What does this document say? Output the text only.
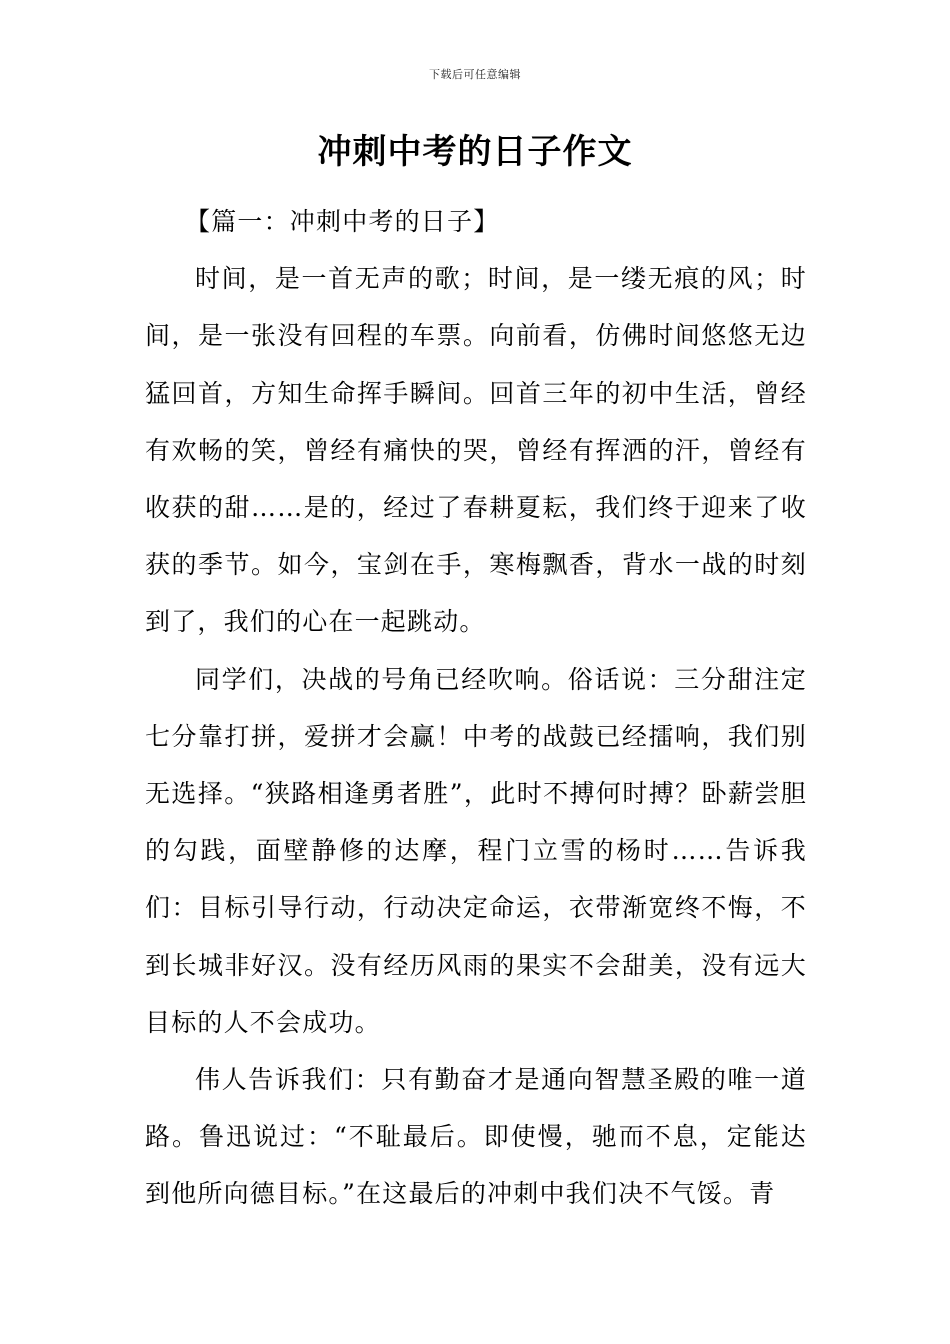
下载后可任意编辑
冲刺中考的日子作文

【篇一：冲刺中考的日子】

时间，是一首无声的歌；时间，是一缕无痕的风；时间，是一张没有回程的车票。向前看，仿佛时间悠悠无边猛回首，方知生命挥手瞬间。回首三年的初中生活，曾经有欢畅的笑，曾经有痛快的哭，曾经有挥洒的汗，曾经有收获的甜……是的，经过了春耕夏耘，我们终于迎来了收获的季节。如今，宝剑在手，寒梅飘香，背水一战的时刻到了，我们的心在一起跳动。

同学们，决战的号角已经吹响。俗话说：三分甜注定七分靠打拼，爱拼才会赢！中考的战鼓已经擂响，我们别无选择。“狭路相逢勇者胜”，此时不搏何时搏？卧薪尝胆的勾践，面壁静修的达摩，程门立雪的杨时……告诉我们：目标引导行动，行动决定命运，衣带渐宽终不悔，不到长城非好汉。没有经历风雨的果实不会甜美，没有远大目标的人不会成功。

伟人告诉我们：只有勤奋才是通向智慧圣殿的唯一道路。鲁迅说过：“不耻最后。即使慢，驰而不息，定能达到他所向德目标。”在这最后的冲刺中我们决不气馁。青
